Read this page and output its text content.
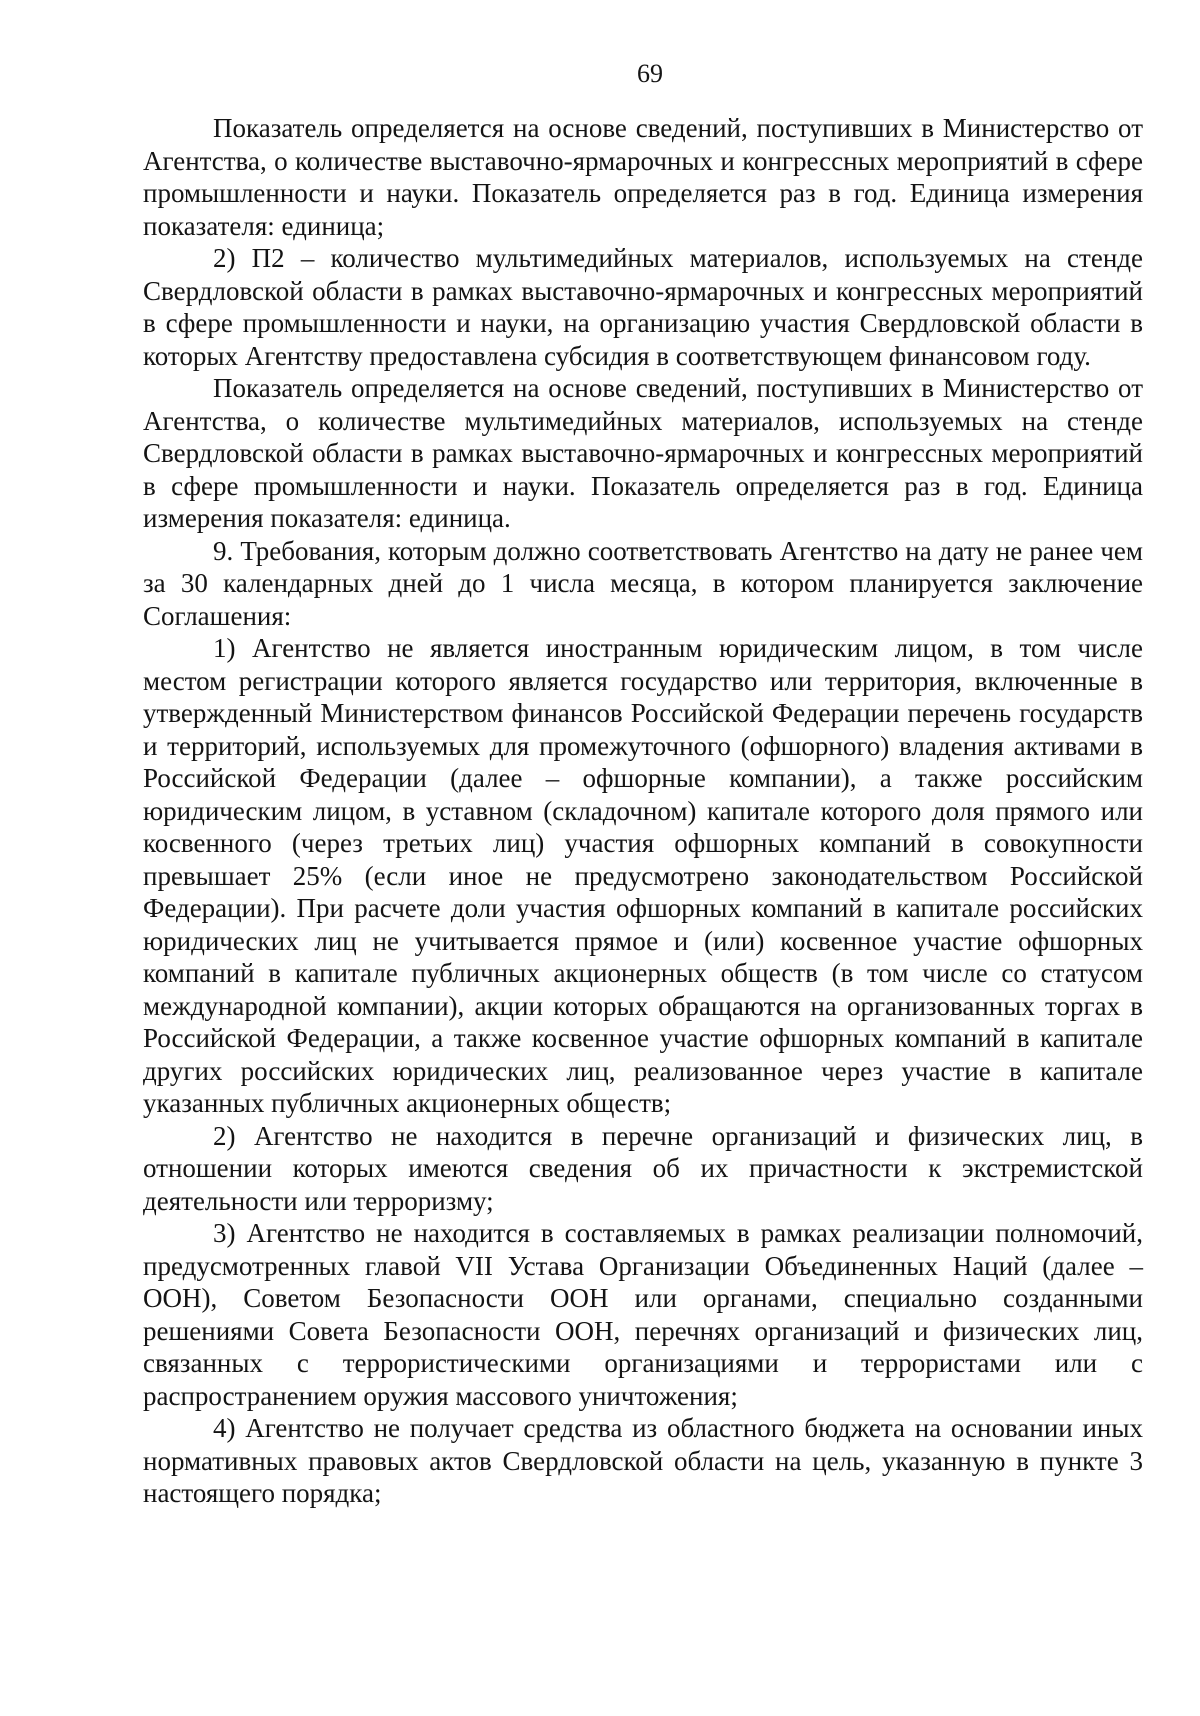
69

Показатель определяется на основе сведений, поступивших в Министерство от Агентства, о количестве выставочно-ярмарочных и конгрессных мероприятий в сфере промышленности и науки. Показатель определяется раз в год. Единица измерения показателя: единица;

2) П2 – количество мультимедийных материалов, используемых на стенде Свердловской области в рамках выставочно-ярмарочных и конгрессных мероприятий в сфере промышленности и науки, на организацию участия Свердловской области в которых Агентству предоставлена субсидия в соответствующем финансовом году.

Показатель определяется на основе сведений, поступивших в Министерство от Агентства, о количестве мультимедийных материалов, используемых на стенде Свердловской области в рамках выставочно-ярмарочных и конгрессных мероприятий в сфере промышленности и науки. Показатель определяется раз в год. Единица измерения показателя: единица.

9. Требования, которым должно соответствовать Агентство на дату не ранее чем за 30 календарных дней до 1 числа месяца, в котором планируется заключение Соглашения:

1) Агентство не является иностранным юридическим лицом, в том числе местом регистрации которого является государство или территория, включенные в утвержденный Министерством финансов Российской Федерации перечень государств и территорий, используемых для промежуточного (офшорного) владения активами в Российской Федерации (далее – офшорные компании), а также российским юридическим лицом, в уставном (складочном) капитале которого доля прямого или косвенного (через третьих лиц) участия офшорных компаний в совокупности превышает 25% (если иное не предусмотрено законодательством Российской Федерации). При расчете доли участия офшорных компаний в капитале российских юридических лиц не учитывается прямое и (или) косвенное участие офшорных компаний в капитале публичных акционерных обществ (в том числе со статусом международной компании), акции которых обращаются на организованных торгах в Российской Федерации, а также косвенное участие офшорных компаний в капитале других российских юридических лиц, реализованное через участие в капитале указанных публичных акционерных обществ;

2) Агентство не находится в перечне организаций и физических лиц, в отношении которых имеются сведения об их причастности к экстремистской деятельности или терроризму;

3) Агентство не находится в составляемых в рамках реализации полномочий, предусмотренных главой VII Устава Организации Объединенных Наций (далее – ООН), Советом Безопасности ООН или органами, специально созданными решениями Совета Безопасности ООН, перечнях организаций и физических лиц, связанных с террористическими организациями и террористами или с распространением оружия массового уничтожения;

4) Агентство не получает средства из областного бюджета на основании иных нормативных правовых актов Свердловской области на цель, указанную в пункте 3 настоящего порядка;
